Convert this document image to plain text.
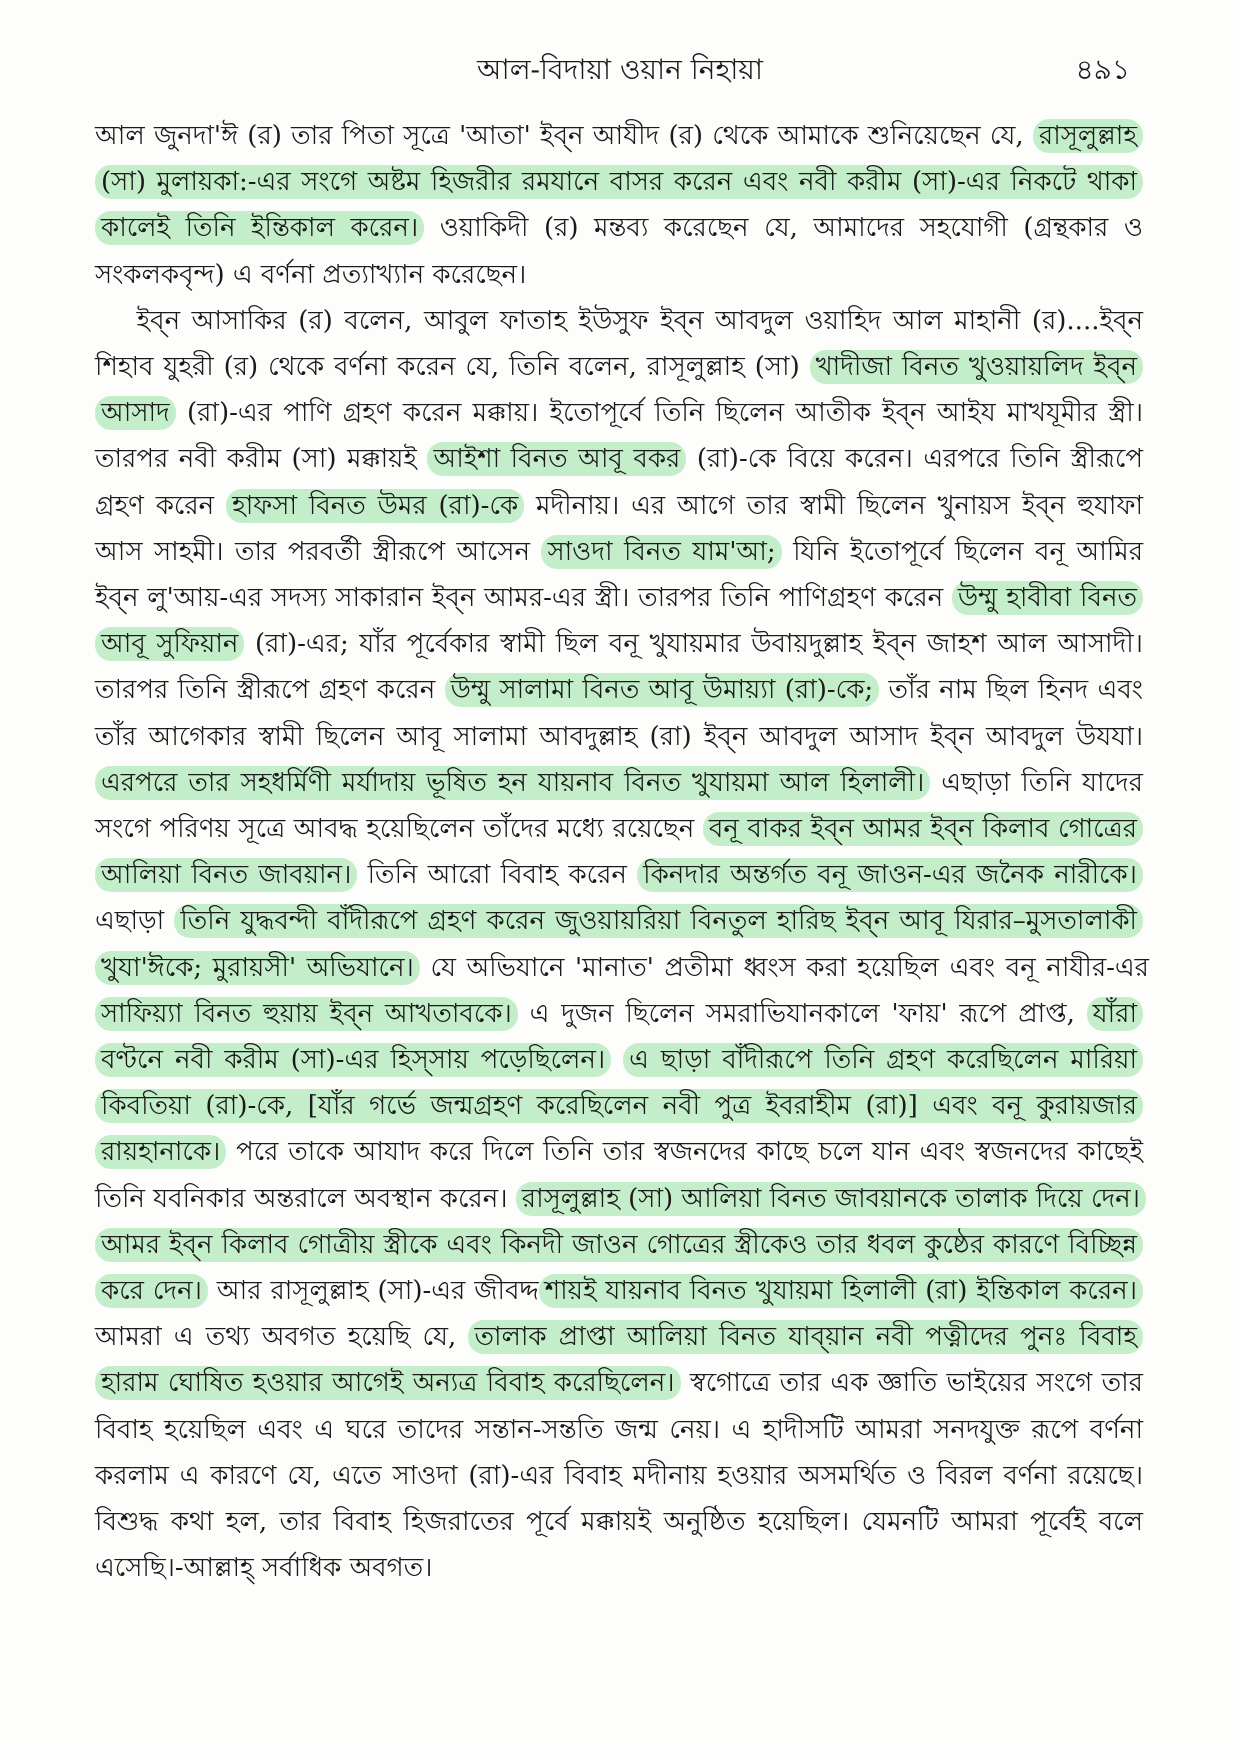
আল-বিদায়া ওয়ান নিহায়া	৪৯১

আল জুনদা'ঈ (র) তার পিতা সূত্রে 'আতা' ইব্‌ন আযীদ (র) থেকে আমাকে শুনিয়েছেন যে, রাসূলুল্লাহ (সা) মুলায়কা:-এর সংগে অষ্টম হিজরীর রমযানে বাসর করেন এবং নবী করীম (সা)-এর নিকটে থাকা কালেই তিনি ইন্তিকাল করেন। ওয়াকিদী (র) মন্তব্য করেছেন যে, আমাদের সহযোগী (গ্রন্থকার ও সংকলকবৃন্দ) এ বর্ণনা প্রত্যাখ্যান করেছেন।

ইব্‌ন আসাকির (র) বলেন, আবুল ফাতাহ ইউসুফ ইব্‌ন আবদুল ওয়াহিদ আল মাহানী (র)....ইব্‌ন শিহাব যুহরী (র) থেকে বর্ণনা করেন যে, তিনি বলেন, রাসূলুল্লাহ (সা) খাদীজা বিনত খুওয়ায়লিদ ইব্‌ন আসাদ (রা)-এর পাণি গ্রহণ করেন মক্কায়। ইতোপূর্বে তিনি ছিলেন আতীক ইব্‌ন আইয মাখযূমীর স্ত্রী। তারপর নবী করীম (সা) মক্কায়ই আইশা বিনত আবূ বকর (রা)-কে বিয়ে করেন। এরপরে তিনি স্ত্রীরূপে গ্রহণ করেন হাফসা বিনত উমর (রা)-কে মদীনায়। এর আগে তার স্বামী ছিলেন খুনায়স ইব্‌ন হুযাফা আস সাহমী। তার পরবর্তী স্ত্রীরূপে আসেন সাওদা বিনত যাম'আ; যিনি ইতোপূর্বে ছিলেন বনূ আমির ইব্‌ন লু'আয়-এর সদস্য সাকারান ইব্‌ন আমর-এর স্ত্রী। তারপর তিনি পাণিগ্রহণ করেন উম্মু হাবীবা বিনত আবূ সুফিয়ান (রা)-এর; যাঁর পূর্বেকার স্বামী ছিল বনূ খুযায়মার উবায়দুল্লাহ ইব্‌ন জাহশ আল আসাদী। তারপর তিনি স্ত্রীরূপে গ্রহণ করেন উম্মু সালামা বিনত আবূ উমায়্যা (রা)-কে; তাঁর নাম ছিল হিনদ এবং তাঁর আগেকার স্বামী ছিলেন আবূ সালামা আবদুল্লাহ (রা) ইব্‌ন আবদুল আসাদ ইব্‌ন আবদুল উযযা। এরপরে তার সহধর্মিণী মর্যাদায় ভূষিত হন যায়নাব বিনত খুযায়মা আল হিলালী। এছাড়া তিনি যাদের সংগে পরিণয় সূত্রে আবদ্ধ হয়েছিলেন তাঁদের মধ্যে রয়েছেন বনূ বাকর ইব্‌ন আমর ইব্‌ন কিলাব গোত্রের আলিয়া বিনত জাবয়ান। তিনি আরো বিবাহ করেন কিনদার অন্তর্গত বনূ জাওন-এর জনৈক নারীকে। এছাড়া তিনি যুদ্ধবন্দী বাঁদীরূপে গ্রহণ করেন জুওয়ায়রিয়া বিনতুল হারিছ ইব্‌ন আবূ যিরার–মুসতালাকী খুযা'ঈকে; মুরায়সী' অভিযানে। যে অভিযানে 'মানাত' প্রতীমা ধ্বংস করা হয়েছিল এবং বনূ নাযীর-এর সাফিয়্যা বিনত হুয়ায় ইব্‌ন আখতাবকে। এ দুজন ছিলেন সমরাভিযানকালে 'ফায়' রূপে প্রাপ্ত, যাঁরা বণ্টনে নবী করীম (সা)-এর হিস্‌সায় পড়েছিলেন। এ ছাড়া বাঁদীরূপে তিনি গ্রহণ করেছিলেন মারিয়া কিবতিয়া (রা)-কে, [যাঁর গর্ভে জন্মগ্রহণ করেছিলেন নবী পুত্র ইবরাহীম (রা)] এবং বনূ কুরায়জার রায়হানাকে। পরে তাকে আযাদ করে দিলে তিনি তার স্বজনদের কাছে চলে যান এবং স্বজনদের কাছেই তিনি যবনিকার অন্তরালে অবস্থান করেন। রাসূলুল্লাহ (সা) আলিয়া বিনত জাবয়ানকে তালাক দিয়ে দেন। আমর ইব্‌ন কিলাব গোত্রীয় স্ত্রীকে এবং কিনদী জাওন গোত্রের স্ত্রীকেও তার ধবল কুষ্ঠের কারণে বিচ্ছিন্ন করে দেন। আর রাসূলুল্লাহ (সা)-এর জীবদ্দ শায়ই যায়নাব বিনত খুযায়মা হিলালী (রা) ইন্তিকাল করেন। আমরা এ তথ্য অবগত হয়েছি যে, তালাক প্রাপ্তা আলিয়া বিনত যাব্‌য়ান নবী পত্নীদের পুনঃ বিবাহ হারাম ঘোষিত হওয়ার আগেই অন্যত্র বিবাহ করেছিলেন। স্বগোত্রে তার এক জ্ঞাতি ভাইয়ের সংগে তার বিবাহ হয়েছিল এবং এ ঘরে তাদের সন্তান-সন্ততি জন্ম নেয়। এ হাদীসটি আমরা সনদযুক্ত রূপে বর্ণনা করলাম এ কারণে যে, এতে সাওদা (রা)-এর বিবাহ মদীনায় হওয়ার অসমর্থিত ও বিরল বর্ণনা রয়েছে। বিশুদ্ধ কথা হল, তার বিবাহ হিজরাতের পূর্বে মক্কায়ই অনুষ্ঠিত হয়েছিল। যেমনটি আমরা পূর্বেই বলে এসেছি।-আল্লাহ্‌ সর্বাধিক অবগত।
